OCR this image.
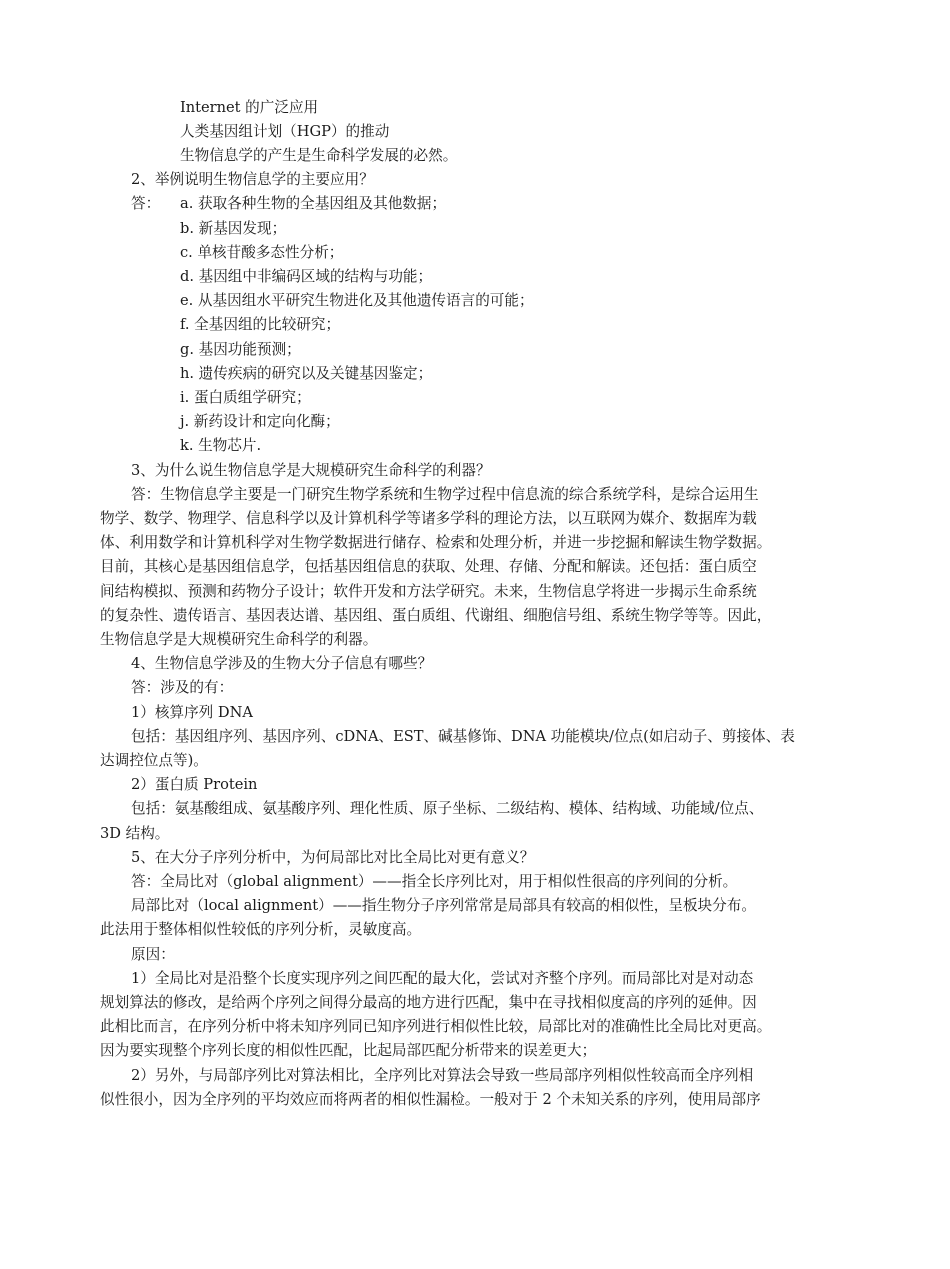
Internet 的广泛应用
人类基因组计划（HGP）的推动
生物信息学的产生是生命科学发展的必然。
2、举例说明生物信息学的主要应用？
答： a. 获取各种生物的全基因组及其他数据；
b. 新基因发现；
c. 单核苷酸多态性分析；
d. 基因组中非编码区域的结构与功能；
e. 从基因组水平研究生物进化及其他遗传语言的可能；
f. 全基因组的比较研究；
g. 基因功能预测；
h. 遗传疾病的研究以及关键基因鉴定；
i. 蛋白质组学研究；
j. 新药设计和定向化酶；
k. 生物芯片.
3、为什么说生物信息学是大规模研究生命科学的利器？
答：生物信息学主要是一门研究生物学系统和生物学过程中信息流的综合系统学科，是综合运用生
物学、数学、物理学、信息科学以及计算机科学等诸多学科的理论方法，以互联网为媒介、数据库为载
体、利用数学和计算机科学对生物学数据进行储存、检索和处理分析，并进一步挖掘和解读生物学数据。
目前，其核心是基因组信息学，包括基因组信息的获取、处理、存储、分配和解读。还包括：蛋白质空
间结构模拟、预测和药物分子设计；软件开发和方法学研究。未来，生物信息学将进一步揭示生命系统
的复杂性、遗传语言、基因表达谱、基因组、蛋白质组、代谢组、细胞信号组、系统生物学等等。因此，
生物信息学是大规模研究生命科学的利器。
4、生物信息学涉及的生物大分子信息有哪些？
答：涉及的有：
1）核算序列 DNA
包括：基因组序列、基因序列、cDNA、EST、碱基修饰、DNA 功能模块/位点(如启动子、剪接体、表
达调控位点等)。
2）蛋白质 Protein
包括：氨基酸组成、氨基酸序列、理化性质、原子坐标、二级结构、模体、结构域、功能域/位点、
3D 结构。
5、在大分子序列分析中，为何局部比对比全局比对更有意义？
答：全局比对（global alignment）——指全长序列比对，用于相似性很高的序列间的分析。
局部比对（local alignment）——指生物分子序列常常是局部具有较高的相似性，呈板块分布。
此法用于整体相似性较低的序列分析，灵敏度高。
原因：
1）全局比对是沿整个长度实现序列之间匹配的最大化，尝试对齐整个序列。而局部比对是对动态
规划算法的修改，是给两个序列之间得分最高的地方进行匹配，集中在寻找相似度高的序列的延伸。因
此相比而言，在序列分析中将未知序列同已知序列进行相似性比较，局部比对的准确性比全局比对更高。
因为要实现整个序列长度的相似性匹配，比起局部匹配分析带来的误差更大；
2）另外，与局部序列比对算法相比，全序列比对算法会导致一些局部序列相似性较高而全序列相
似性很小，因为全序列的平均效应而将两者的相似性漏检。一般对于 2 个未知关系的序列，使用局部序
